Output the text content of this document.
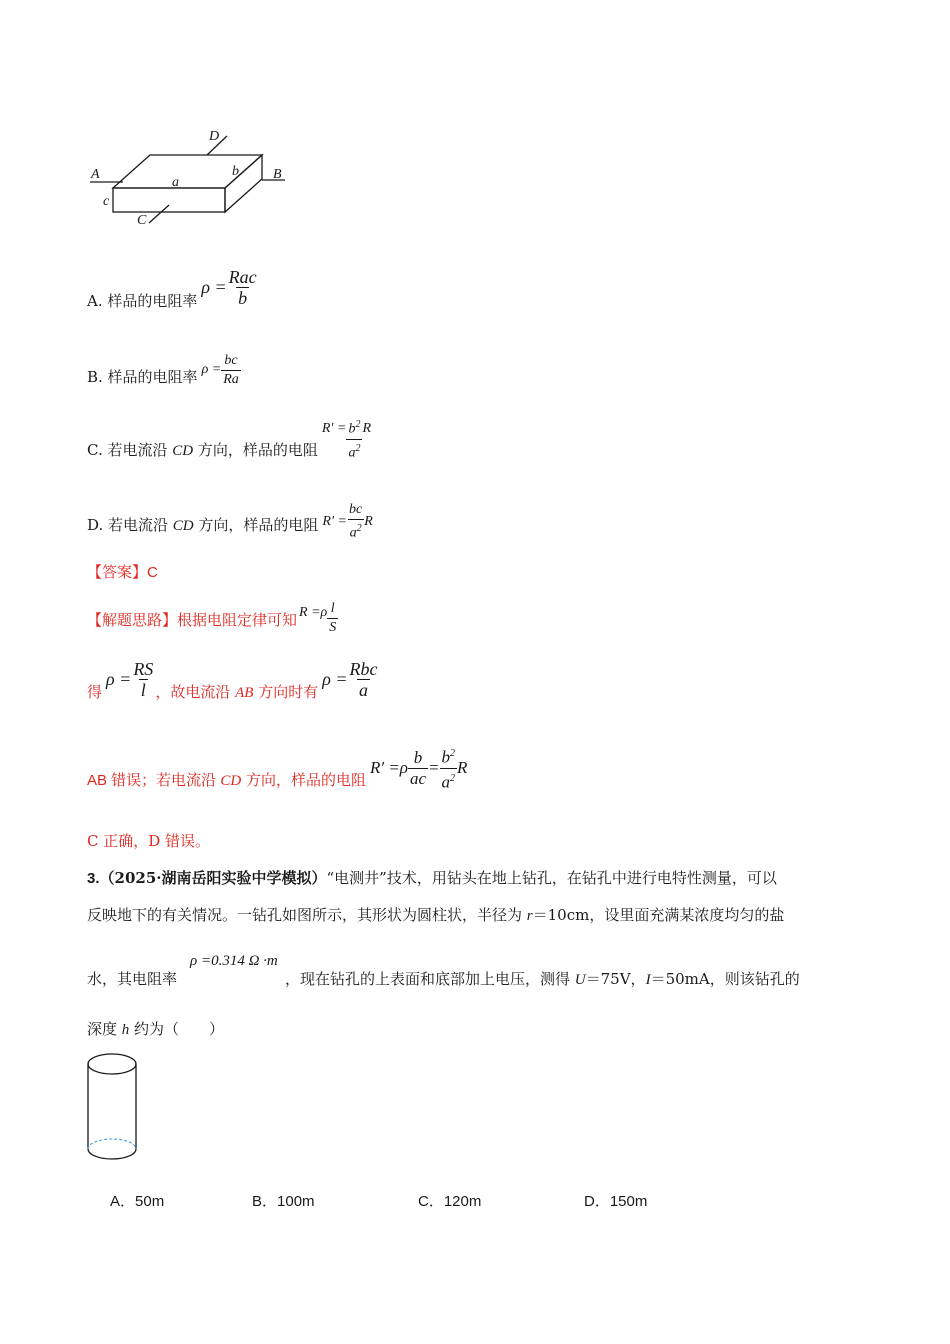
A	B
C
D
a
b
c
A. 样品的电阻率
$\rho = \frac{\text{Rac}}{b}$
B. 样品的电阻率 $\rho = \frac{bc}{Ra}$
C. 若电流沿 CD 方向，样品的电阻
$R' = \frac{b^2}{a^2}$ R
D. 若电流沿 CD 方向，样品的电阻 $R' = \frac{bc}{a^2}$ R
【答案】C
【解题思路】根据电阻定律可知 $R =\rho \frac{l}{S}$
得
$\rho = \frac{RS}{l}$ ，故电流沿 AB 方向时有
$\rho = \frac{\text{Rbc}}{a}$
AB 错误；若电流沿 CD 方向，样品的电阻
$R' =\rho \frac{b}{ac} = \frac{b^2}{a^2}$ R
C 正确，D 错误。
3.（2025·湖南岳阳实验中学模拟）“电测井”技术，用钻头在地上钻孔，在钻孔中进行电特性测量，可以
反映地下的有关情况。一钻孔如图所示，其形状为圆柱状，半径为 r＝10cm，设里面充满某浓度均匀的盐
ρ =0.314 Ω ·m
水，其电阻率	，现在钻孔的上表面和底部加上电压，测得 U＝75V，I＝50mA，则该钻孔的
深度 h 约为（　　）
A．50m	B．100m	C．120m	D．150m
